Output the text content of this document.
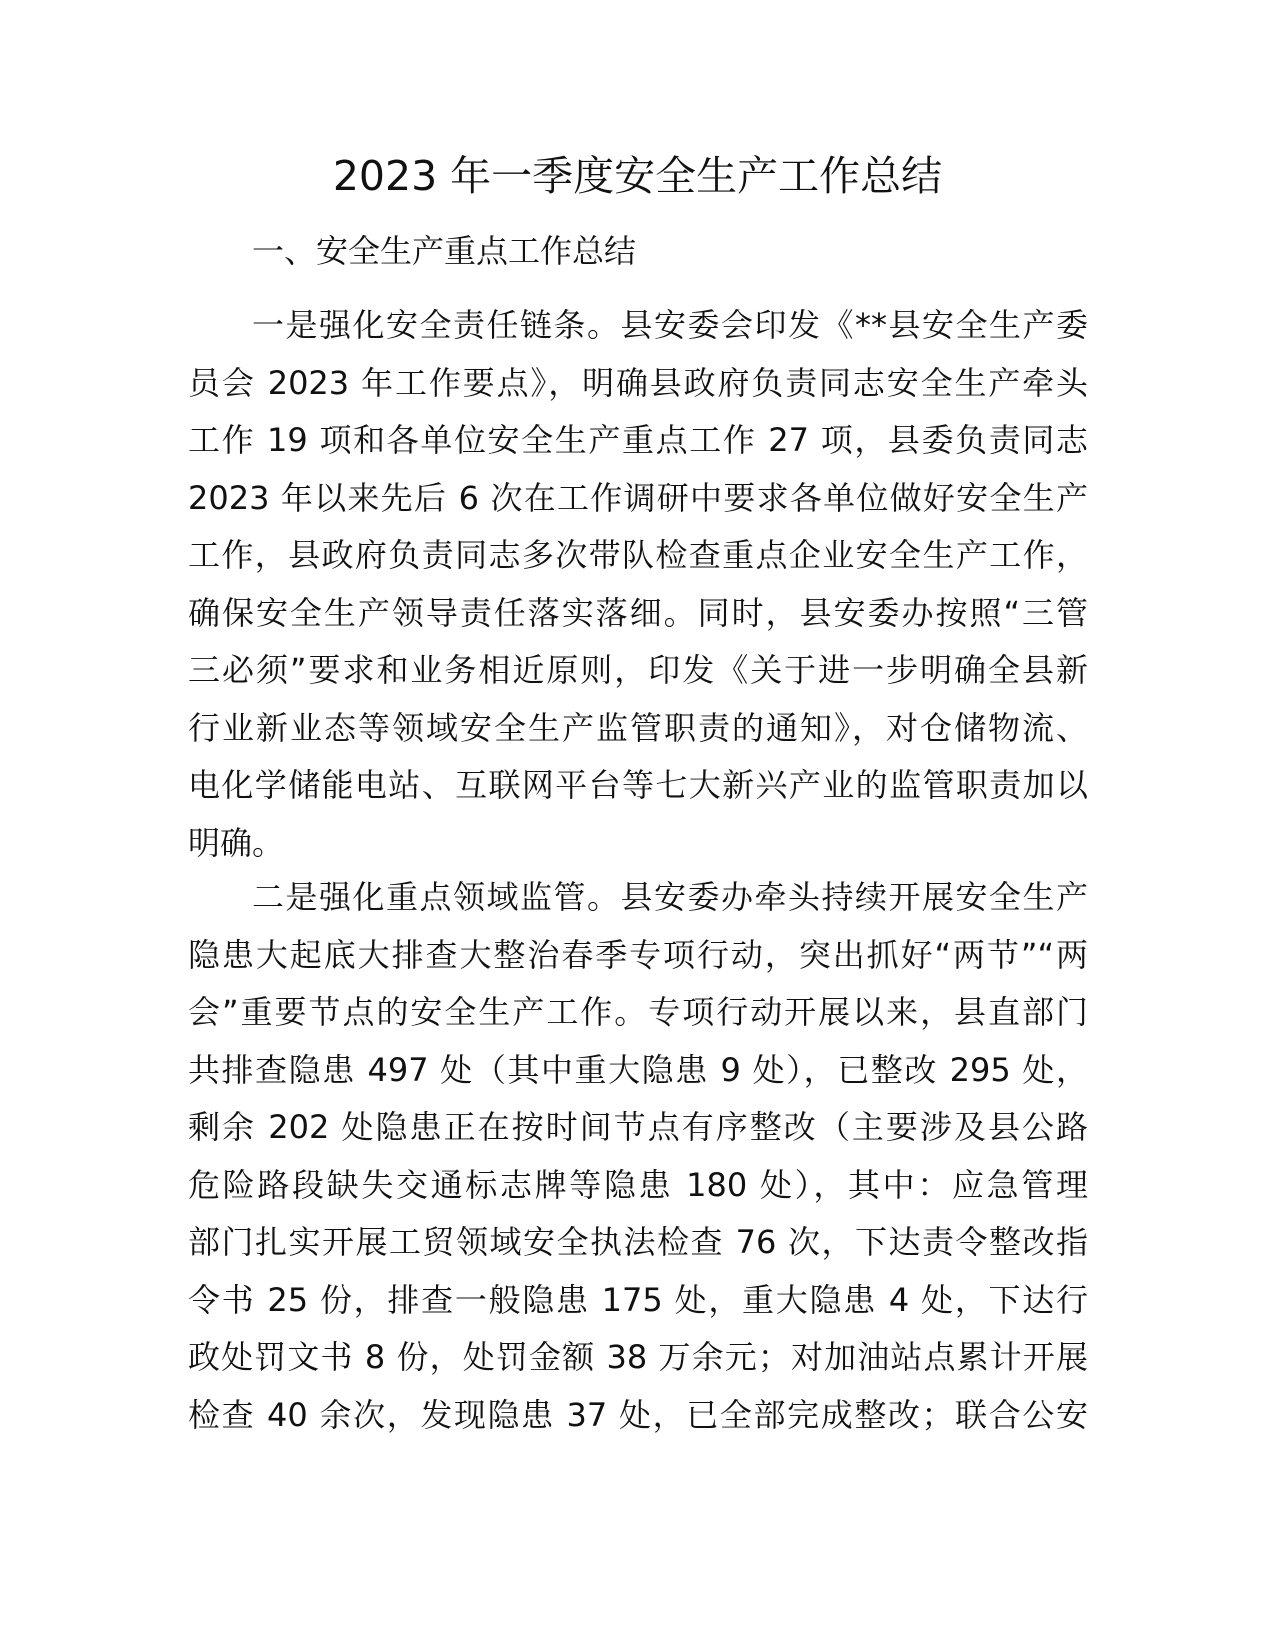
2023 年一季度安全生产工作总结
一、安全生产重点工作总结
一是强化安全责任链条。县安委会印发《**县安全生产委
员会 2023 年工作要点》，明确县政府负责同志安全生产牵头
工作 19 项和各单位安全生产重点工作 27 项，县委负责同志
2023 年以来先后 6 次在工作调研中要求各单位做好安全生产
工作，县政府负责同志多次带队检查重点企业安全生产工作，
确保安全生产领导责任落实落细。同时，县安委办按照“三管
三必须”要求和业务相近原则，印发《关于进一步明确全县新
行业新业态等领域安全生产监管职责的通知》，对仓储物流、
电化学储能电站、互联网平台等七大新兴产业的监管职责加以
明确。
二是强化重点领域监管。县安委办牵头持续开展安全生产
隐患大起底大排查大整治春季专项行动，突出抓好“两节”“两
会”重要节点的安全生产工作。专项行动开展以来，县直部门
共排查隐患 497 处（其中重大隐患 9 处），已整改 295 处，
剩余 202 处隐患正在按时间节点有序整改（主要涉及县公路
危险路段缺失交通标志牌等隐患 180 处），其中：应急管理
部门扎实开展工贸领域安全执法检查 76 次，下达责令整改指
令书 25 份，排查一般隐患 175 处，重大隐患 4 处，下达行
政处罚文书 8 份，处罚金额 38 万余元；对加油站点累计开展
检查 40 余次，发现隐患 37 处，已全部完成整改；联合公安
